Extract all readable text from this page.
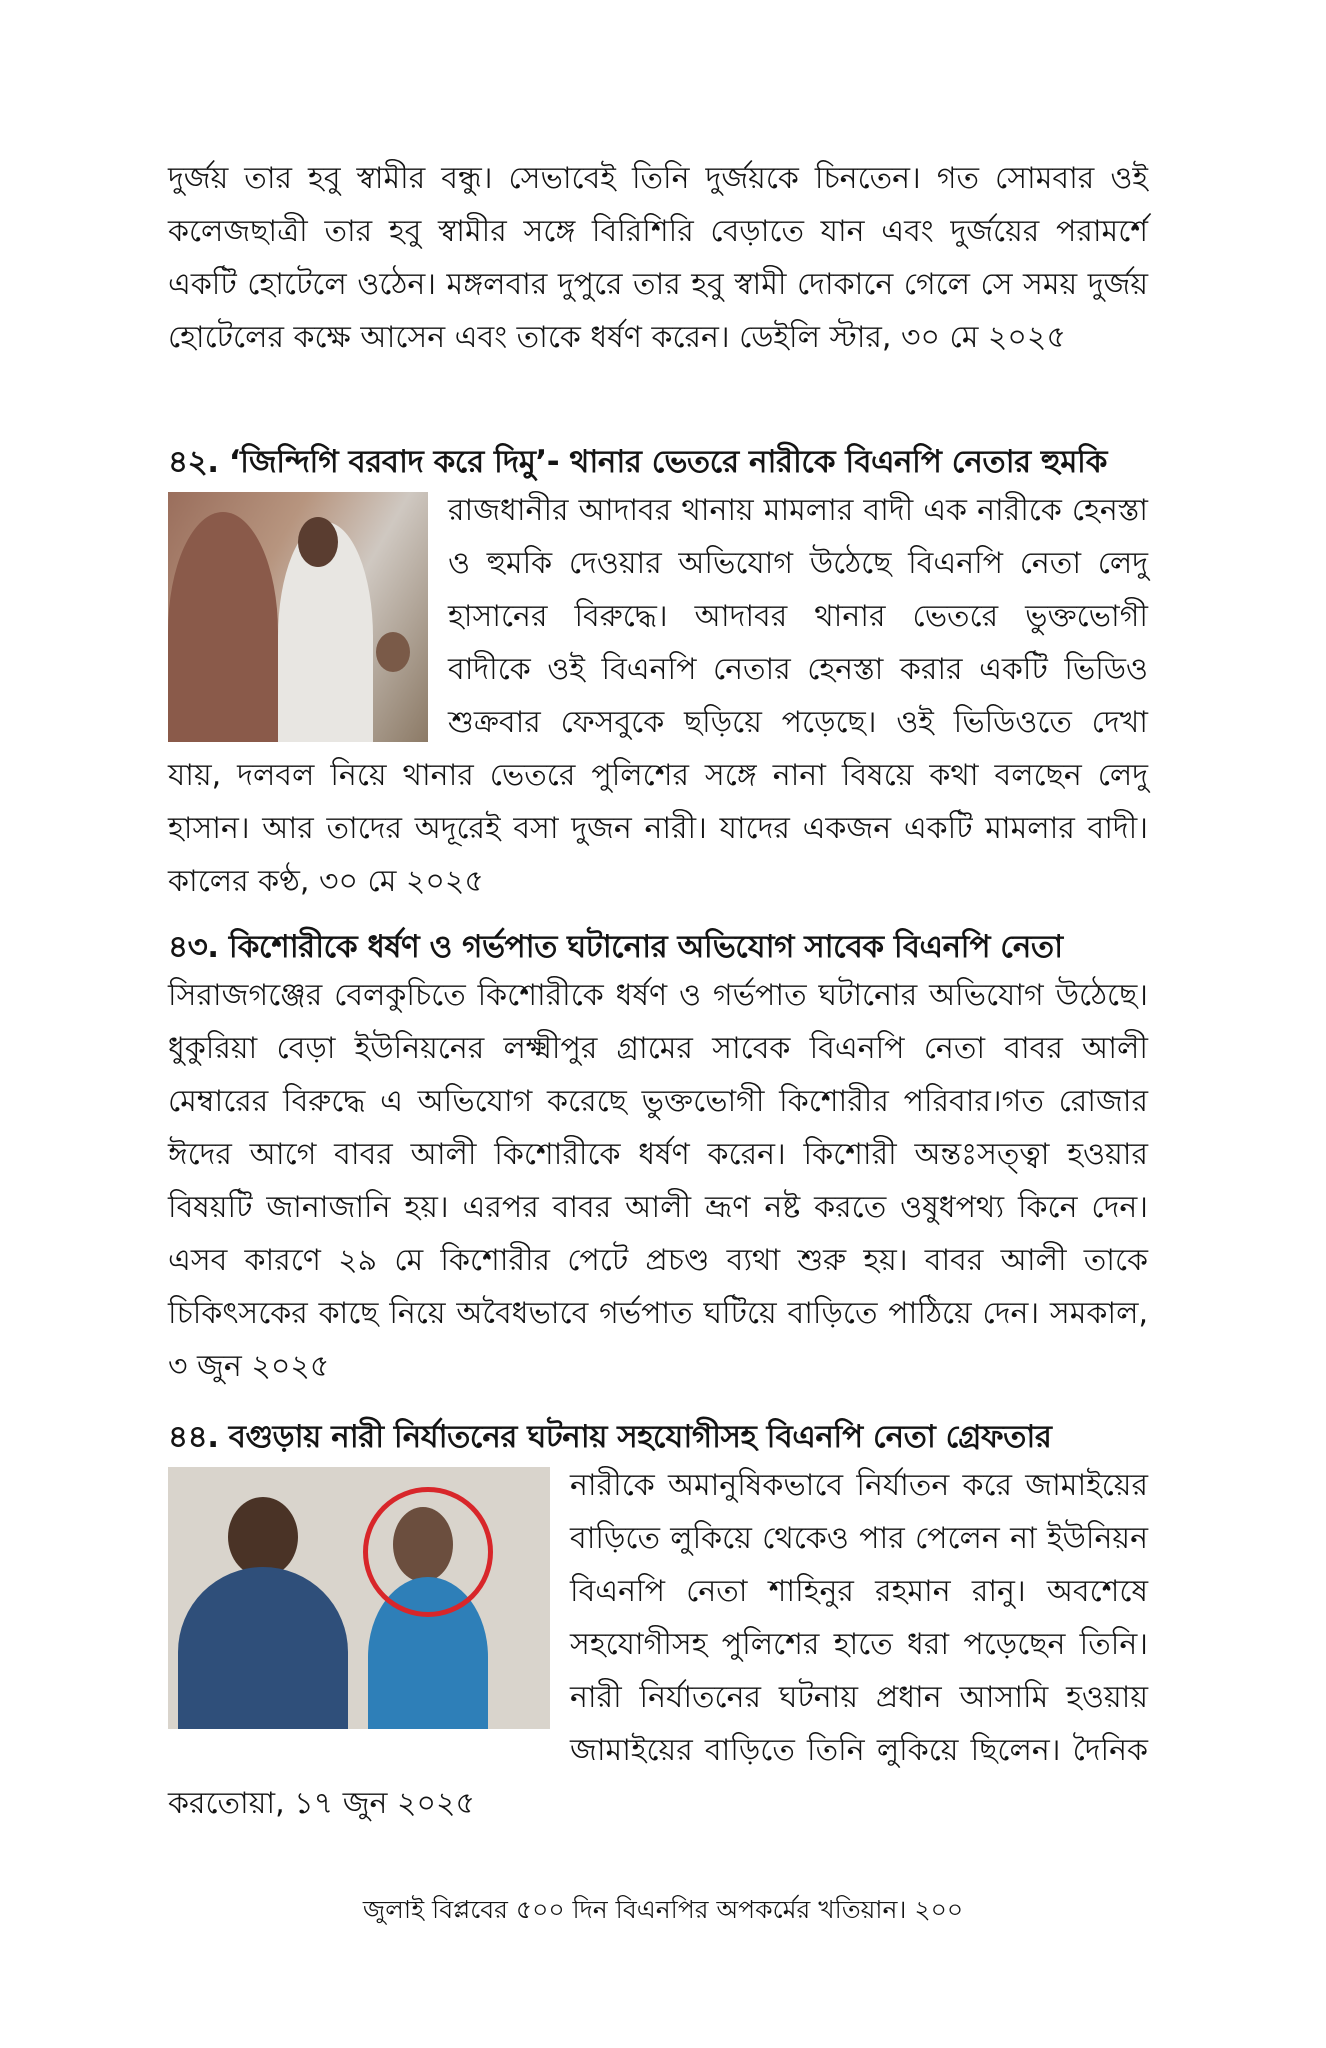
দুর্জয় তার হবু স্বামীর বন্ধু। সেভাবেই তিনি দুর্জয়কে চিনতেন। গত সোমবার ওই কলেজছাত্রী তার হবু স্বামীর সঙ্গে বিরিশিরি বেড়াতে যান এবং দুর্জয়ের পরামর্শে একটি হোটেলে ওঠেন। মঙ্গলবার দুপুরে তার হবু স্বামী দোকানে গেলে সে সময় দুর্জয় হোটেলের কক্ষে আসেন এবং তাকে ধর্ষণ করেন। ডেইলি স্টার, ৩০ মে ২০২৫

৪২. ‘জিন্দিগি বরবাদ করে দিমু’- থানার ভেতরে নারীকে বিএনপি নেতার হুমকি

রাজধানীর আদাবর থানায় মামলার বাদী এক নারীকে হেনস্তা ও হুমকি দেওয়ার অভিযোগ উঠেছে বিএনপি নেতা লেদু হাসানের বিরুদ্ধে। আদাবর থানার ভেতরে ভুক্তভোগী বাদীকে ওই বিএনপি নেতার হেনস্তা করার একটি ভিডিও শুক্রবার ফেসবুকে ছড়িয়ে পড়েছে। ওই ভিডিওতে দেখা যায়, দলবল নিয়ে থানার ভেতরে পুলিশের সঙ্গে নানা বিষয়ে কথা বলছেন লেদু হাসান। আর তাদের অদূরেই বসা দুজন নারী। যাদের একজন একটি মামলার বাদী। কালের কণ্ঠ, ৩০ মে ২০২৫

৪৩. কিশোরীকে ধর্ষণ ও গর্ভপাত ঘটানোর অভিযোগ সাবেক বিএনপি নেতা

সিরাজগঞ্জের বেলকুচিতে কিশোরীকে ধর্ষণ ও গর্ভপাত ঘটানোর অভিযোগ উঠেছে। ধুকুরিয়া বেড়া ইউনিয়নের লক্ষ্মীপুর গ্রামের সাবেক বিএনপি নেতা বাবর আলী মেম্বারের বিরুদ্ধে এ অভিযোগ করেছে ভুক্তভোগী কিশোরীর পরিবার।গত রোজার ঈদের আগে বাবর আলী কিশোরীকে ধর্ষণ করেন। কিশোরী অন্তঃসত্ত্বা হওয়ার বিষয়টি জানাজানি হয়। এরপর বাবর আলী ভ্রূণ নষ্ট করতে ওষুধপথ্য কিনে দেন। এসব কারণে ২৯ মে কিশোরীর পেটে প্রচণ্ড ব্যথা শুরু হয়। বাবর আলী তাকে চিকিৎসকের কাছে নিয়ে অবৈধভাবে গর্ভপাত ঘটিয়ে বাড়িতে পাঠিয়ে দেন। সমকাল, ৩ জুন ২০২৫

৪৪. বগুড়ায় নারী নির্যাতনের ঘটনায় সহযোগীসহ বিএনপি নেতা গ্রেফতার

নারীকে অমানুষিকভাবে নির্যাতন করে জামাইয়ের বাড়িতে লুকিয়ে থেকেও পার পেলেন না ইউনিয়ন বিএনপি নেতা শাহিনুর রহমান রানু। অবশেষে সহযোগীসহ পুলিশের হাতে ধরা পড়েছেন তিনি। নারী নির্যাতনের ঘটনায় প্রধান আসামি হওয়ায় জামাইয়ের বাড়িতে তিনি লুকিয়ে ছিলেন। দৈনিক করতোয়া, ১৭ জুন ২০২৫

জুলাই বিপ্লবের ৫০০ দিন বিএনপির অপকর্মের খতিয়ান। ২০০
